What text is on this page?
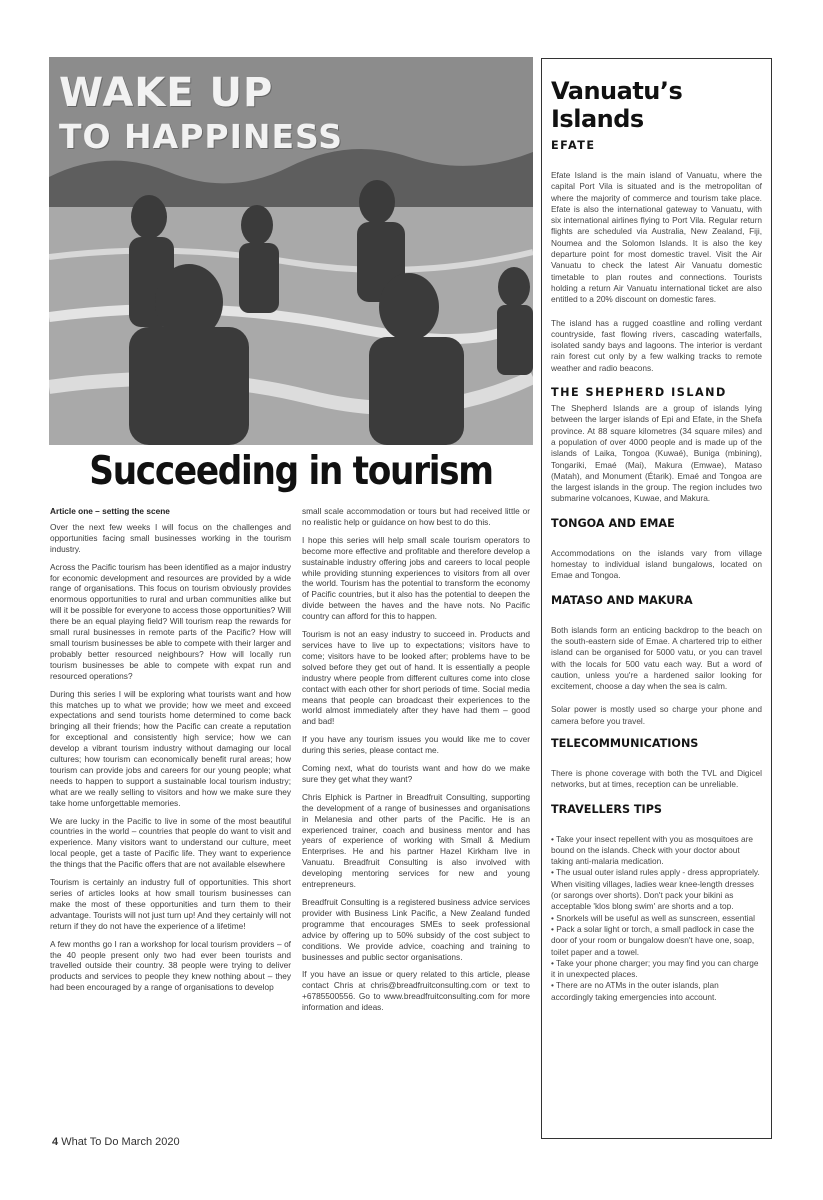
WAKE UP
TO HAPPINESS
Succeeding in tourism

Article one – setting the scene

Over the next few weeks I will focus on the challenges and opportunities facing small businesses working in the tourism industry.

Across the Pacific tourism has been identified as a major industry for economic development and resources are provided by a wide range of organisations. This focus on tourism obviously provides enormous opportunities to rural and urban communities alike but will it be possible for everyone to access those opportunities? Will there be an equal playing field? Will tourism reap the rewards for small rural businesses in remote parts of the Pacific? How will small tourism businesses be able to compete with their larger and probably better resourced neighbours? How will locally run tourism businesses be able to compete with expat run and resourced operations?

During this series I will be exploring what tourists want and how this matches up to what we provide; how we meet and exceed expectations and send tourists home determined to come back bringing all their friends; how the Pacific can create a reputation for exceptional and consistently high service; how we can develop a vibrant tourism industry without damaging our local cultures; how tourism can economically benefit rural areas; how tourism can provide jobs and careers for our young people; what needs to happen to support a sustainable local tourism industry; what are we really selling to visitors and how we make sure they take home unforgettable memories.

We are lucky in the Pacific to live in some of the most beautiful countries in the world – countries that people do want to visit and experience. Many visitors want to understand our culture, meet local people, get a taste of Pacific life. They want to experience the things that the Pacific offers that are not available elsewhere

Tourism is certainly an industry full of opportunities. This short series of articles looks at how small tourism businesses can make the most of these opportunities and turn them to their advantage. Tourists will not just turn up! And they certainly will not return if they do not have the experience of a lifetime!

A few months go I ran a workshop for local tourism providers – of the 40 people present only two had ever been tourists and travelled outside their country. 38 people were trying to deliver products and services to people they knew nothing about – they had been encouraged by a range of organisations to develop

small scale accommodation or tours but had received little or no realistic help or guidance on how best to do this.

I hope this series will help small scale tourism operators to become more effective and profitable and therefore develop a sustainable industry offering jobs and careers to local people while providing stunning experiences to visitors from all over the world. Tourism has the potential to transform the economy of Pacific countries, but it also has the potential to deepen the divide between the haves and the have nots. No Pacific country can afford for this to happen.

Tourism is not an easy industry to succeed in. Products and services have to live up to expectations; visitors have to come; visitors have to be looked after; problems have to be solved before they get out of hand. It is essentially a people industry where people from different cultures come into close contact with each other for short periods of time. Social media means that people can broadcast their experiences to the world almost immediately after they have had them – good and bad!

If you have any tourism issues you would like me to cover during this series, please contact me.

Coming next, what do tourists want and how do we make sure they get what they want?

Chris Elphick is Partner in Breadfruit Consulting, supporting the development of a range of businesses and organisations in Melanesia and other parts of the Pacific. He is an experienced trainer, coach and business mentor and has years of experience of working with Small & Medium Enterprises. He and his partner Hazel Kirkham live in Vanuatu. Breadfruit Consulting is also involved with developing mentoring services for new and young entrepreneurs.

Breadfruit Consulting is a registered business advice services provider with Business Link Pacific, a New Zealand funded programme that encourages SMEs to seek professional advice by offering up to 50% subsidy of the cost subject to conditions. We provide advice, coaching and training to businesses and public sector organisations.

If you have an issue or query related to this article, please contact Chris at chris@breadfruitconsulting.com or text to +6785500556. Go to www.breadfruitconsulting.com for more information and ideas.

Vanuatu’s Islands
EFATE

Efate Island is the main island of Vanuatu, where the capital Port Vila is situated and is the metropolitan of where the majority of commerce and tourism take place. Efate is also the international gateway to Vanuatu, with six international airlines flying to Port Vila. Regular return flights are scheduled via Australia, New Zealand, Fiji, Noumea and the Solomon Islands. It is also the key departure point for most domestic travel. Visit the Air Vanuatu to check the latest Air Vanuatu domestic timetable to plan routes and connections. Tourists holding a return Air Vanuatu international ticket are also entitled to a 20% discount on domestic fares.

The island has a rugged coastline and rolling verdant countryside, fast flowing rivers, cascading waterfalls, isolated sandy bays and lagoons. The interior is verdant rain forest cut only by a few walking tracks to remote weather and radio beacons.

THE SHEPHERD ISLAND

The Shepherd Islands are a group of islands lying between the larger islands of Epi and Efate, in the Shefa province. At 88 square kilometres (34 square miles) and a population of over 4000 people and is made up of the islands of Laika, Tongoa (Kuwaé), Buniga (mbining), Tongariki, Emaé (Mai), Makura (Emwae), Mataso (Matah), and Monument (Étarik). Emaé and Tongoa are the largest islands in the group. The region includes two submarine volcanoes, Kuwae, and Makura.

TONGOA AND EMAE

Accommodations on the islands vary from village homestay to individual island bungalows, located on Emae and Tongoa.

MATASO AND MAKURA

Both islands form an enticing backdrop to the beach on the south-eastern side of Emae. A chartered trip to either island can be organised for 5000 vatu, or you can travel with the locals for 500 vatu each way. But a word of caution, unless you're a hardened sailor looking for excitement, choose a day when the sea is calm.

Solar power is mostly used so charge your phone and camera before you travel.

TELECOMMUNICATIONS

There is phone coverage with both the TVL and Digicel networks, but at times, reception can be unreliable.

TRAVELLERS TIPS
• Take your insect repellent with you as mosquitoes are bound on the islands. Check with your doctor about taking anti-malaria medication.
• The usual outer island rules apply - dress appropriately. When visiting villages, ladies wear knee-length dresses (or sarongs over shorts). Don't pack your bikini as acceptable 'klos blong swim' are shorts and a top.
• Snorkels will be useful as well as sunscreen, essential
• Pack a solar light or torch, a small padlock in case the door of your room or bungalow doesn't have one, soap, toilet paper and a towel.
• Take your phone charger; you may find you can charge it in unexpected places.
• There are no ATMs in the outer islands, plan accordingly taking emergencies into account.
4 What To Do March 2020
